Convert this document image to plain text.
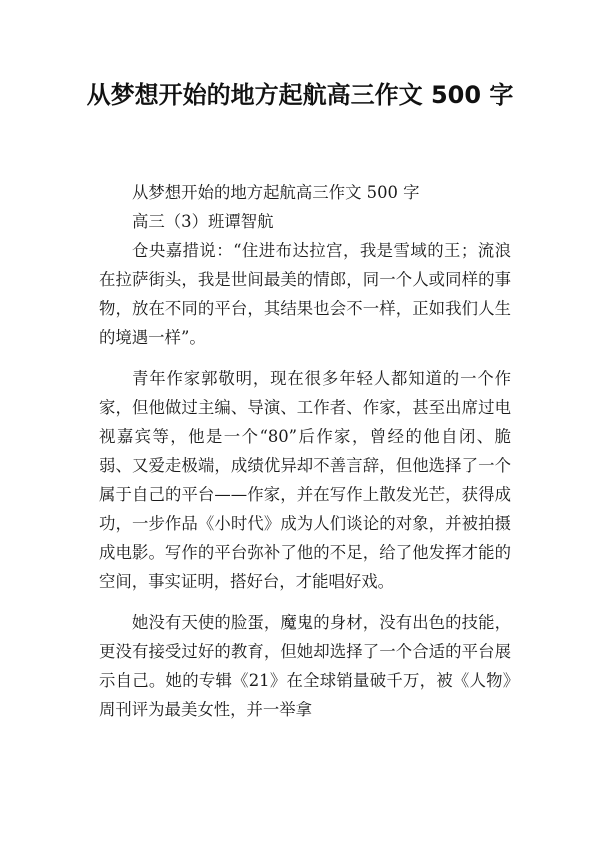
从梦想开始的地方起航高三作文 500 字

从梦想开始的地方起航高三作文 500 字

高三（3）班谭智航

仓央嘉措说：“住进布达拉宫，我是雪域的王；流浪在拉萨街头，我是世间最美的情郎，同一个人或同样的事物，放在不同的平台，其结果也会不一样，正如我们人生的境遇一样”。

青年作家郭敬明，现在很多年轻人都知道的一个作家，但他做过主编、导演、工作者、作家，甚至出席过电视嘉宾等，他是一个“80”后作家，曾经的他自闭、脆弱、又爱走极端，成绩优异却不善言辞，但他选择了一个属于自己的平台——作家，并在写作上散发光芒，获得成功，一步作品《小时代》成为人们谈论的对象，并被拍摄成电影。写作的平台弥补了他的不足，给了他发挥才能的空间，事实证明，搭好台，才能唱好戏。

她没有天使的脸蛋，魔鬼的身材，没有出色的技能，更没有接受过好的教育，但她却选择了一个合适的平台展示自己。她的专辑《21》在全球销量破千万，被《人物》周刊评为最美女性，并一举拿
